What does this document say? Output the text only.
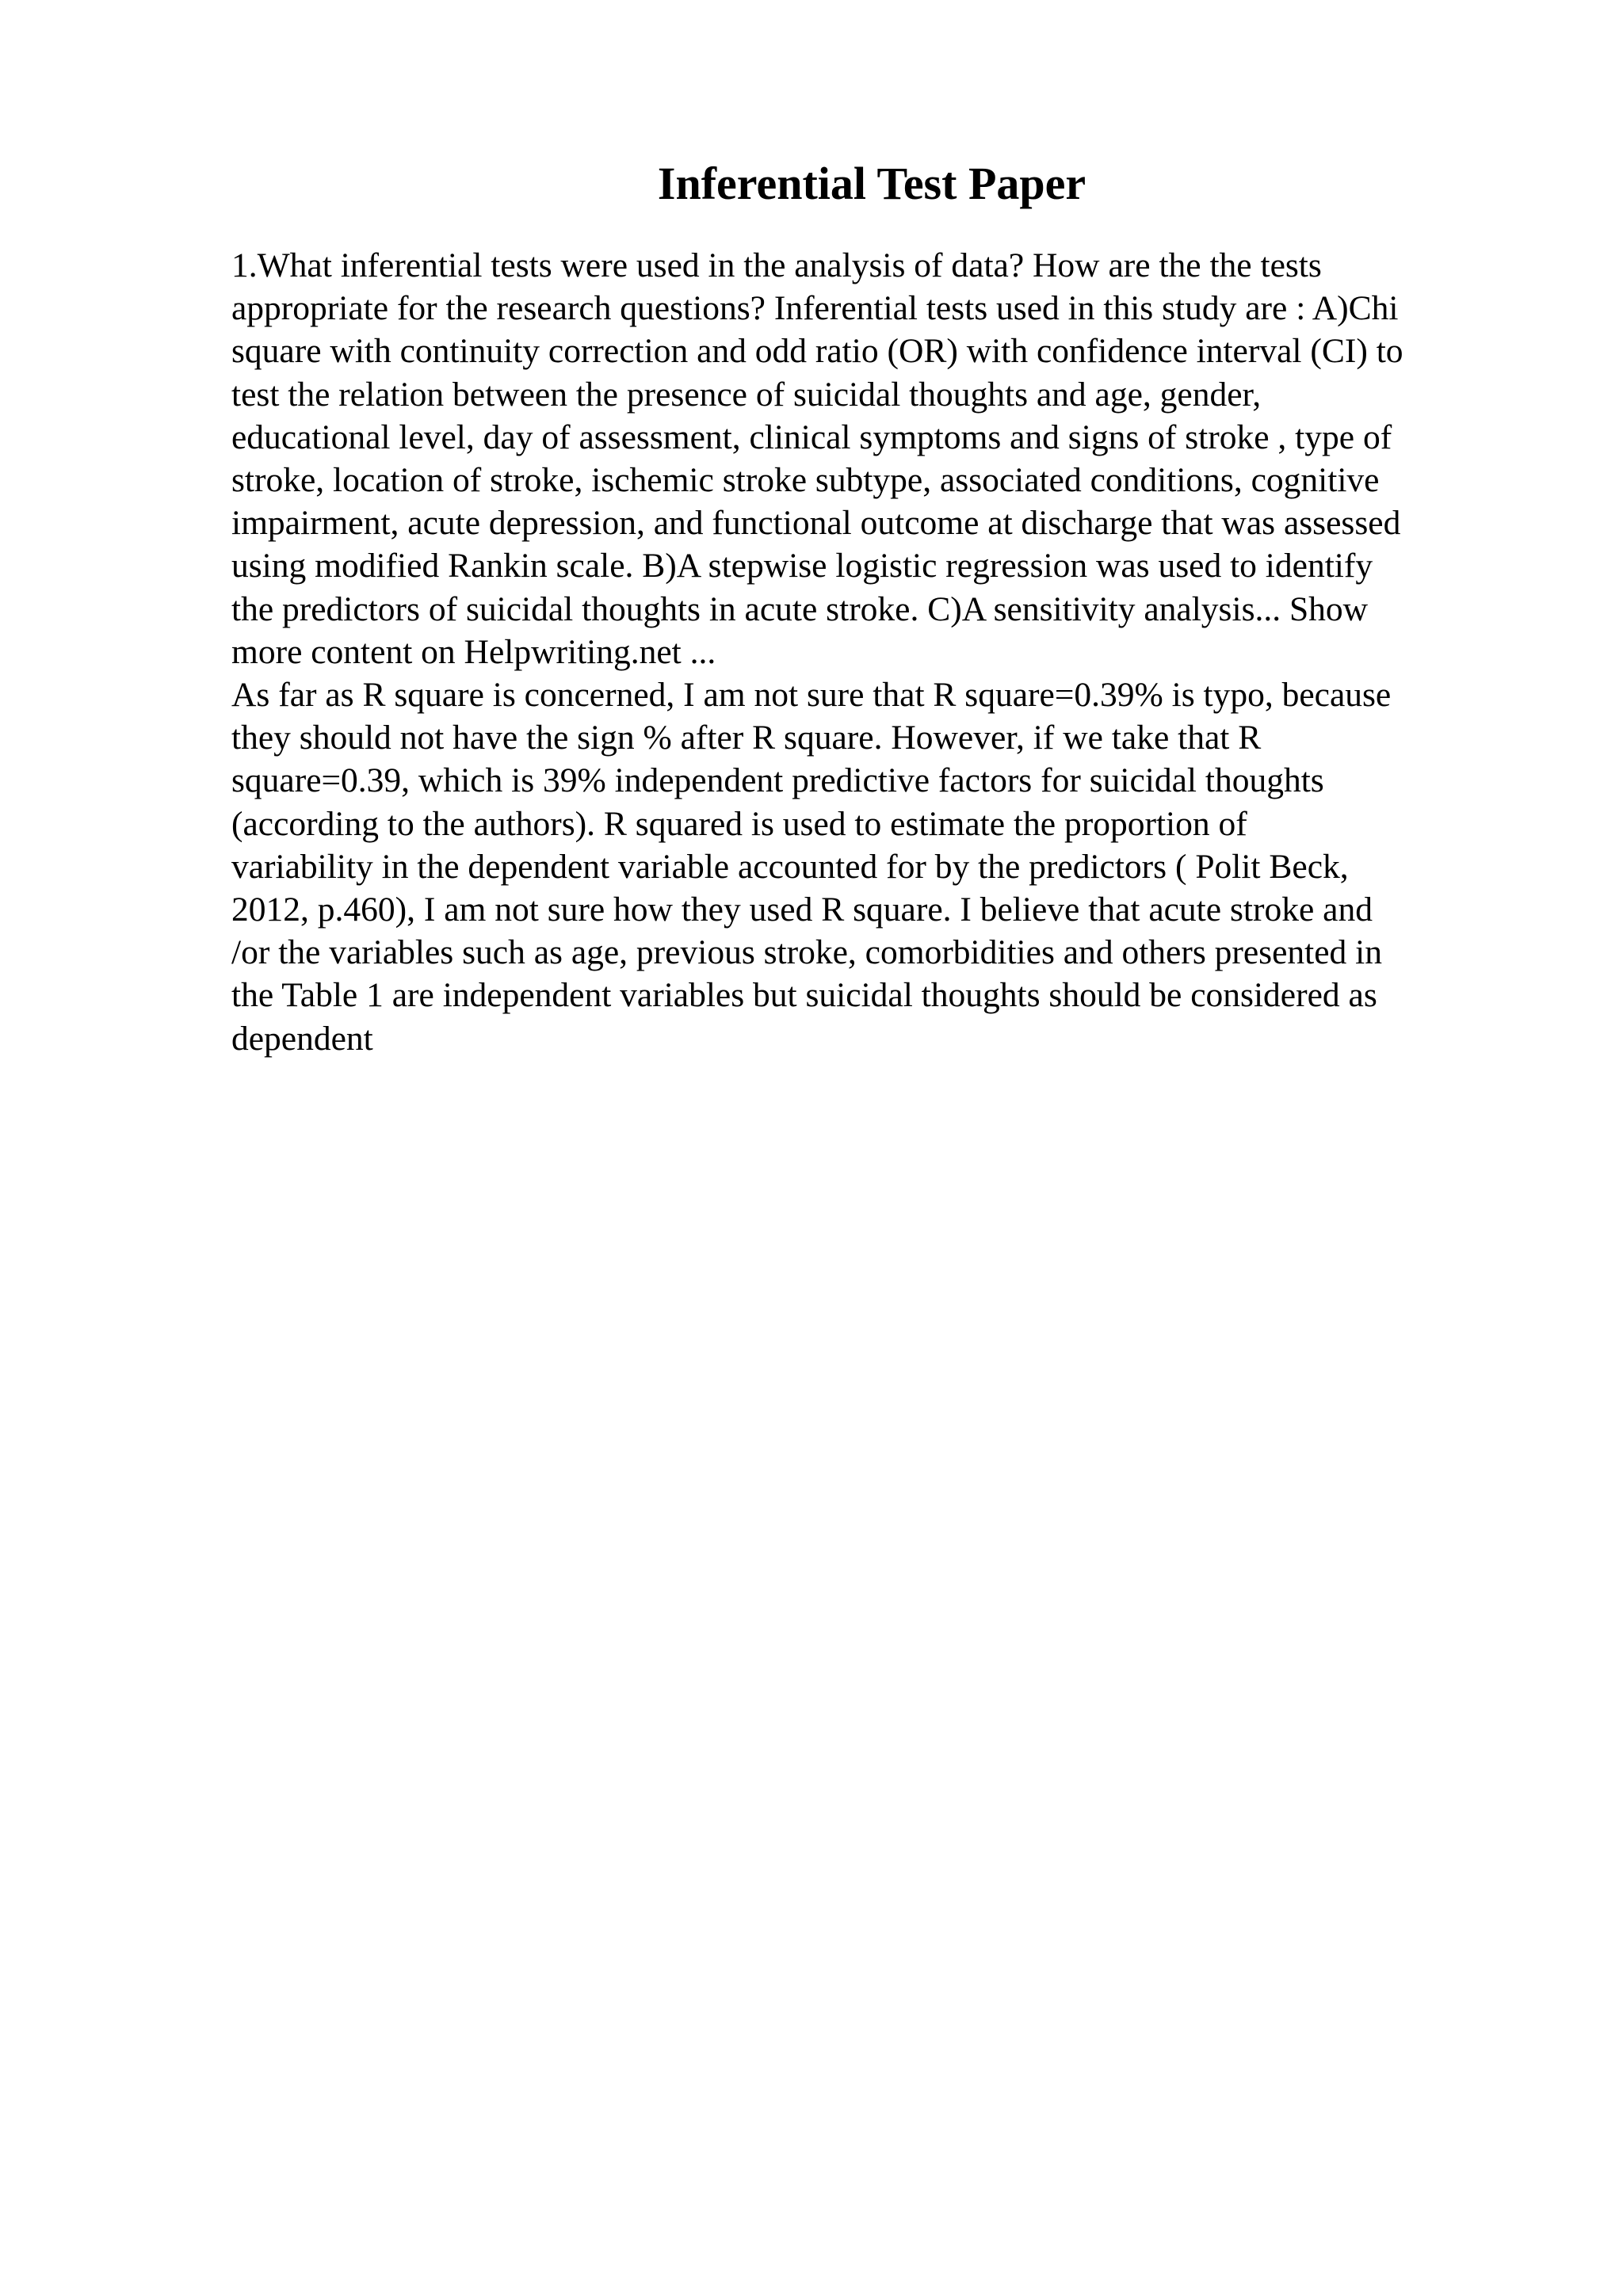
Inferential Test Paper
1.What inferential tests were used in the analysis of data? How are the the tests
appropriate for the research questions? Inferential tests used in this study are : A)Chi
square with continuity correction and odd ratio (OR) with confidence interval (CI) to
test the relation between the presence of suicidal thoughts and age, gender,
educational level, day of assessment, clinical symptoms and signs of stroke , type of
stroke, location of stroke, ischemic stroke subtype, associated conditions, cognitive
impairment, acute depression, and functional outcome at discharge that was assessed
using modified Rankin scale. B)A stepwise logistic regression was used to identify
the predictors of suicidal thoughts in acute stroke. C)A sensitivity analysis... Show
more content on Helpwriting.net ...
As far as R square is concerned, I am not sure that R square=0.39% is typo, because
they should not have the sign % after R square. However, if we take that R
square=0.39, which is 39% independent predictive factors for suicidal thoughts
(according to the authors). R squared is used to estimate the proportion of
variability in the dependent variable accounted for by the predictors ( Polit Beck,
2012, p.460), I am not sure how they used R square. I believe that acute stroke and
/or the variables such as age, previous stroke, comorbidities and others presented in
the Table 1 are independent variables but suicidal thoughts should be considered as
dependent
